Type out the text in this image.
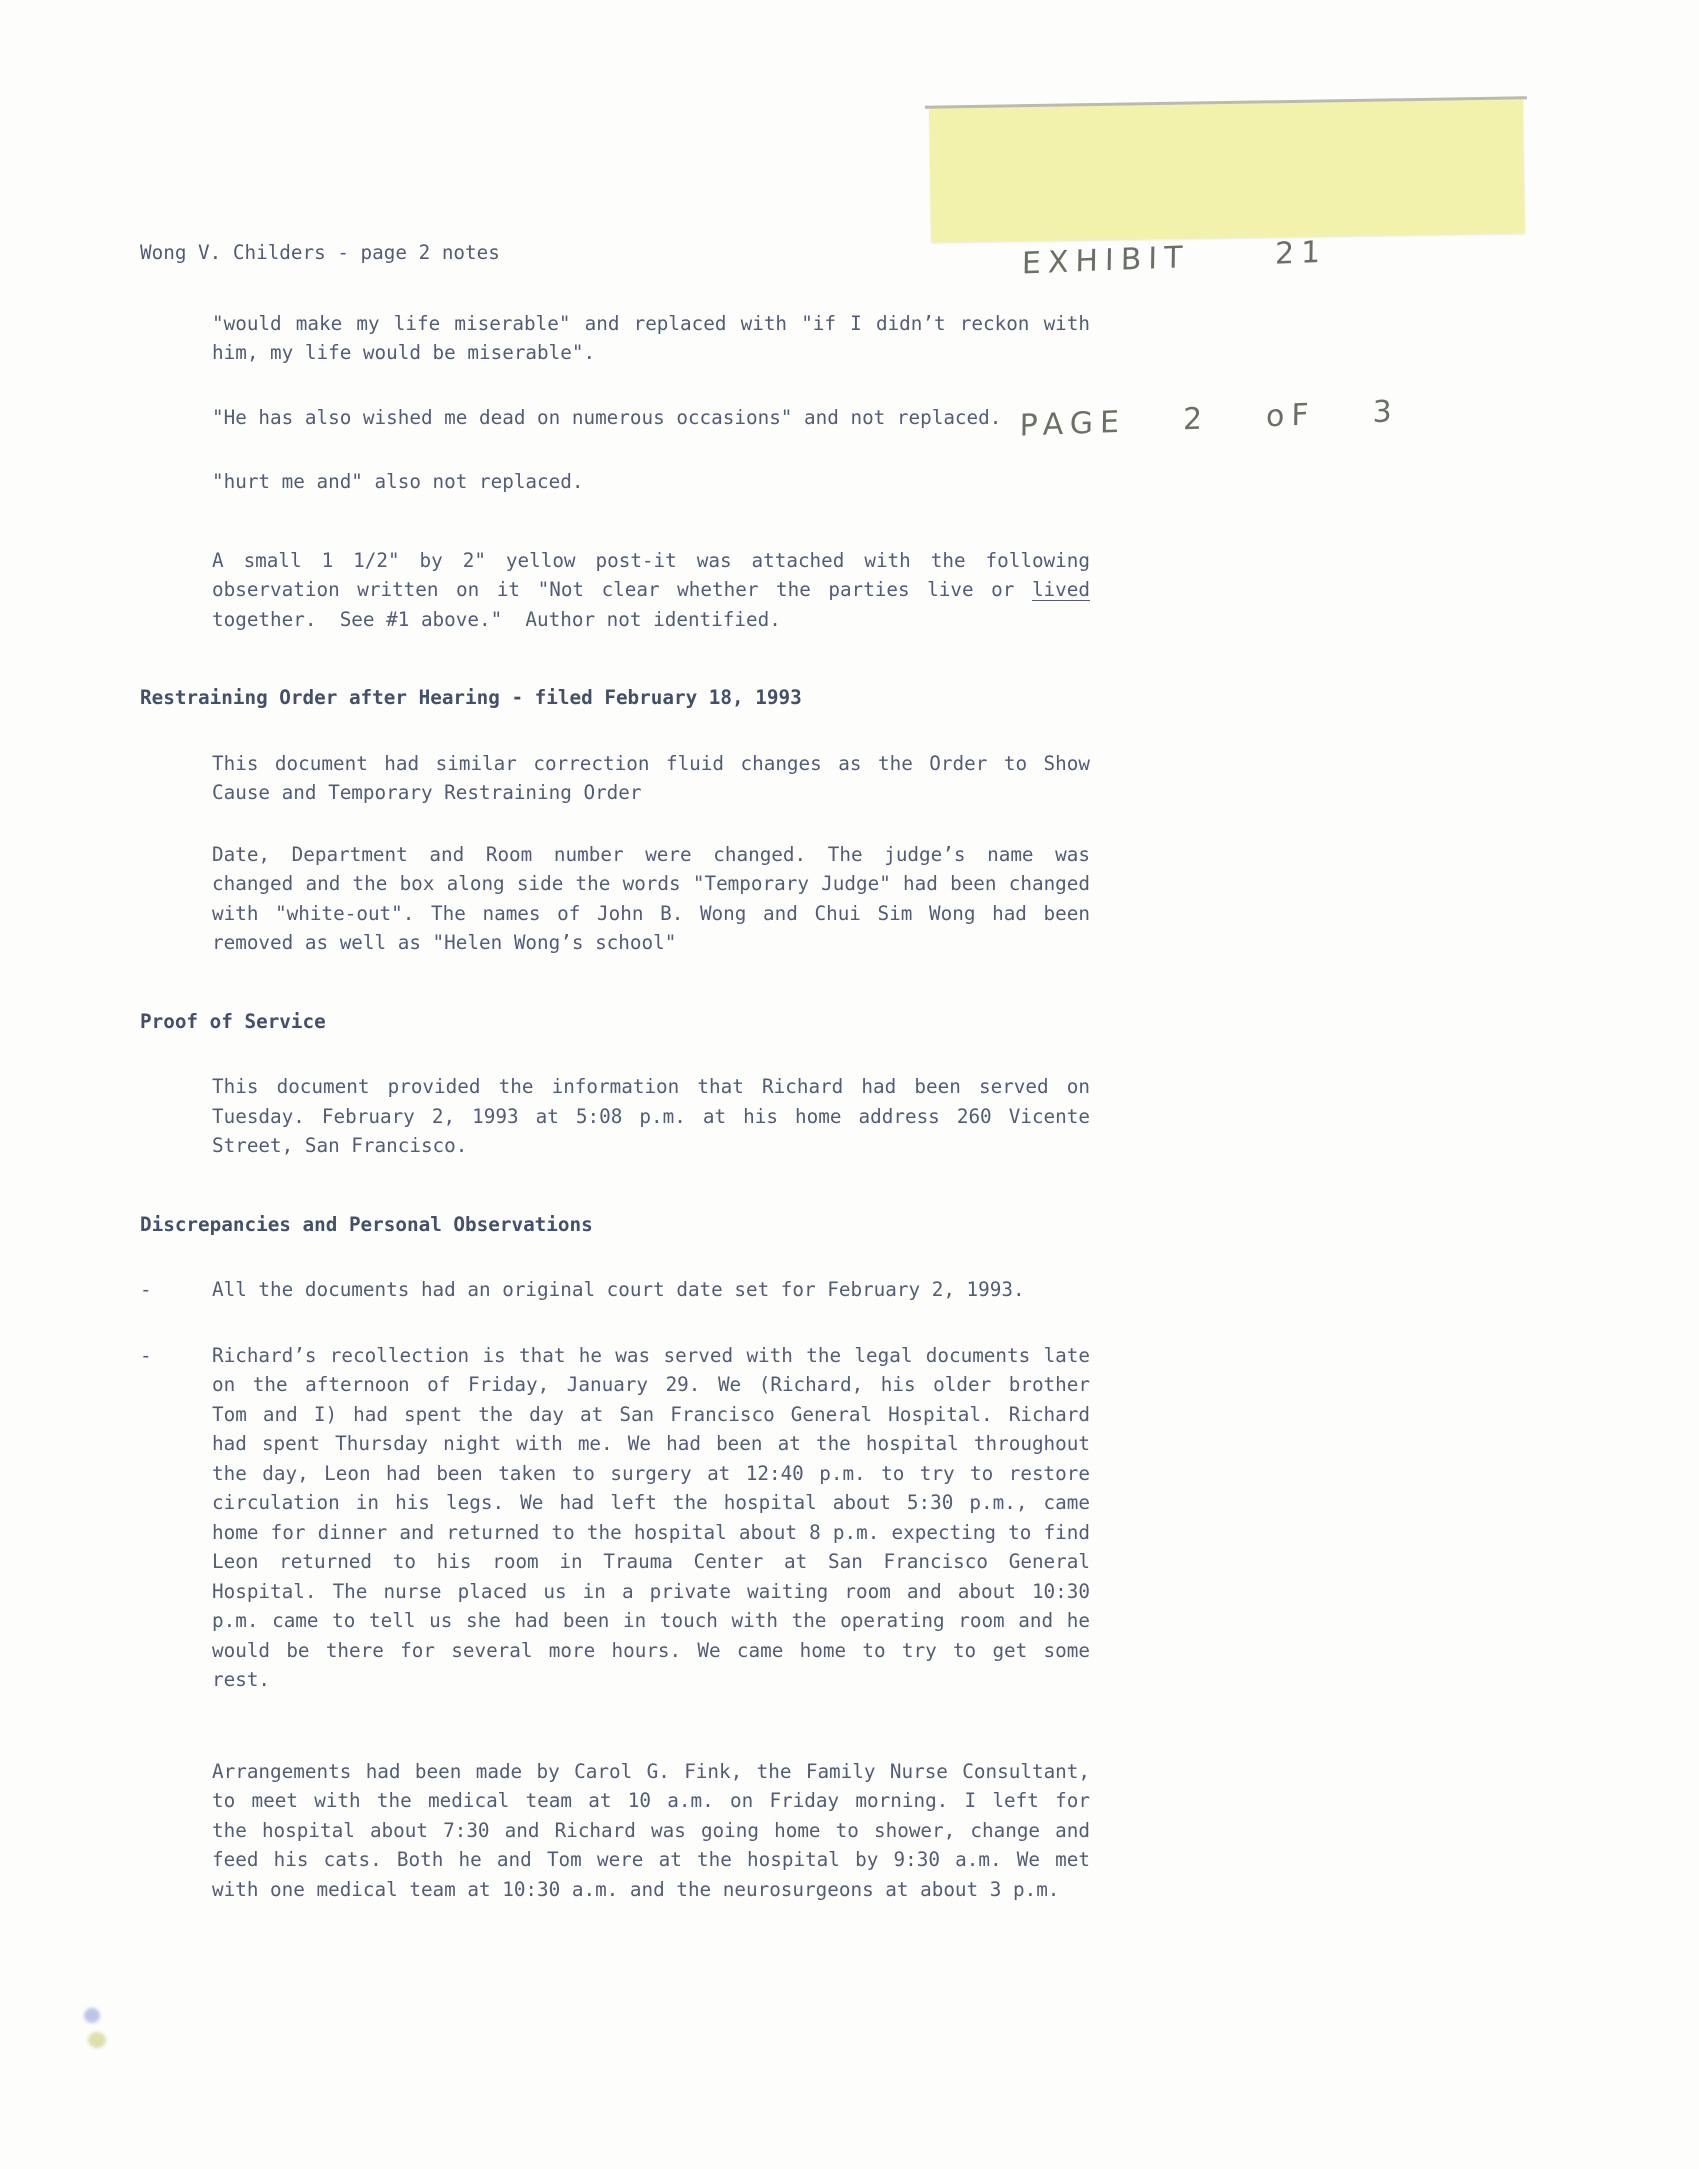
EXHIBIT   21

PAGE  2  oF  3

Wong V. Childers - page 2 notes
"would make my life miserable" and replaced with "if I didn’t reckon with
him, my life would be miserable".
"He has also wished me dead on numerous occasions" and not replaced.
"hurt me and" also not replaced.
A small 1 1/2" by 2" yellow post-it was attached with the following
observation written on it "Not clear whether the parties live or lived
together.  See #1 above."  Author not identified.
Restraining Order after Hearing - filed February 18, 1993
This document had similar correction fluid changes as the Order to Show
Cause and Temporary Restraining Order
Date, Department and Room number were changed. The judge’s name was
changed and the box along side the words "Temporary Judge" had been changed
with "white-out". The names of John B. Wong and Chui Sim Wong had been
removed as well as "Helen Wong’s school"
Proof of Service
This document provided the information that Richard had been served on
Tuesday. February 2, 1993 at 5:08 p.m. at his home address 260 Vicente
Street, San Francisco.
Discrepancies and Personal Observations
-	All the documents had an original court date set for February 2, 1993.
-	Richard’s recollection is that he was served with the legal documents late
on the afternoon of Friday, January 29. We (Richard, his older brother
Tom and I) had spent the day at San Francisco General Hospital. Richard
had spent Thursday night with me. We had been at the hospital throughout
the day, Leon had been taken to surgery at 12:40 p.m. to try to restore
circulation in his legs. We had left the hospital about 5:30 p.m., came
home for dinner and returned to the hospital about 8 p.m. expecting to find
Leon returned to his room in Trauma Center at San Francisco General
Hospital. The nurse placed us in a private waiting room and about 10:30
p.m. came to tell us she had been in touch with the operating room and he
would be there for several more hours. We came home to try to get some
rest.
Arrangements had been made by Carol G. Fink, the Family Nurse Consultant,
to meet with the medical team at 10 a.m. on Friday morning. I left for
the hospital about 7:30 and Richard was going home to shower, change and
feed his cats. Both he and Tom were at the hospital by 9:30 a.m. We met
with one medical team at 10:30 a.m. and the neurosurgeons at about 3 p.m.
